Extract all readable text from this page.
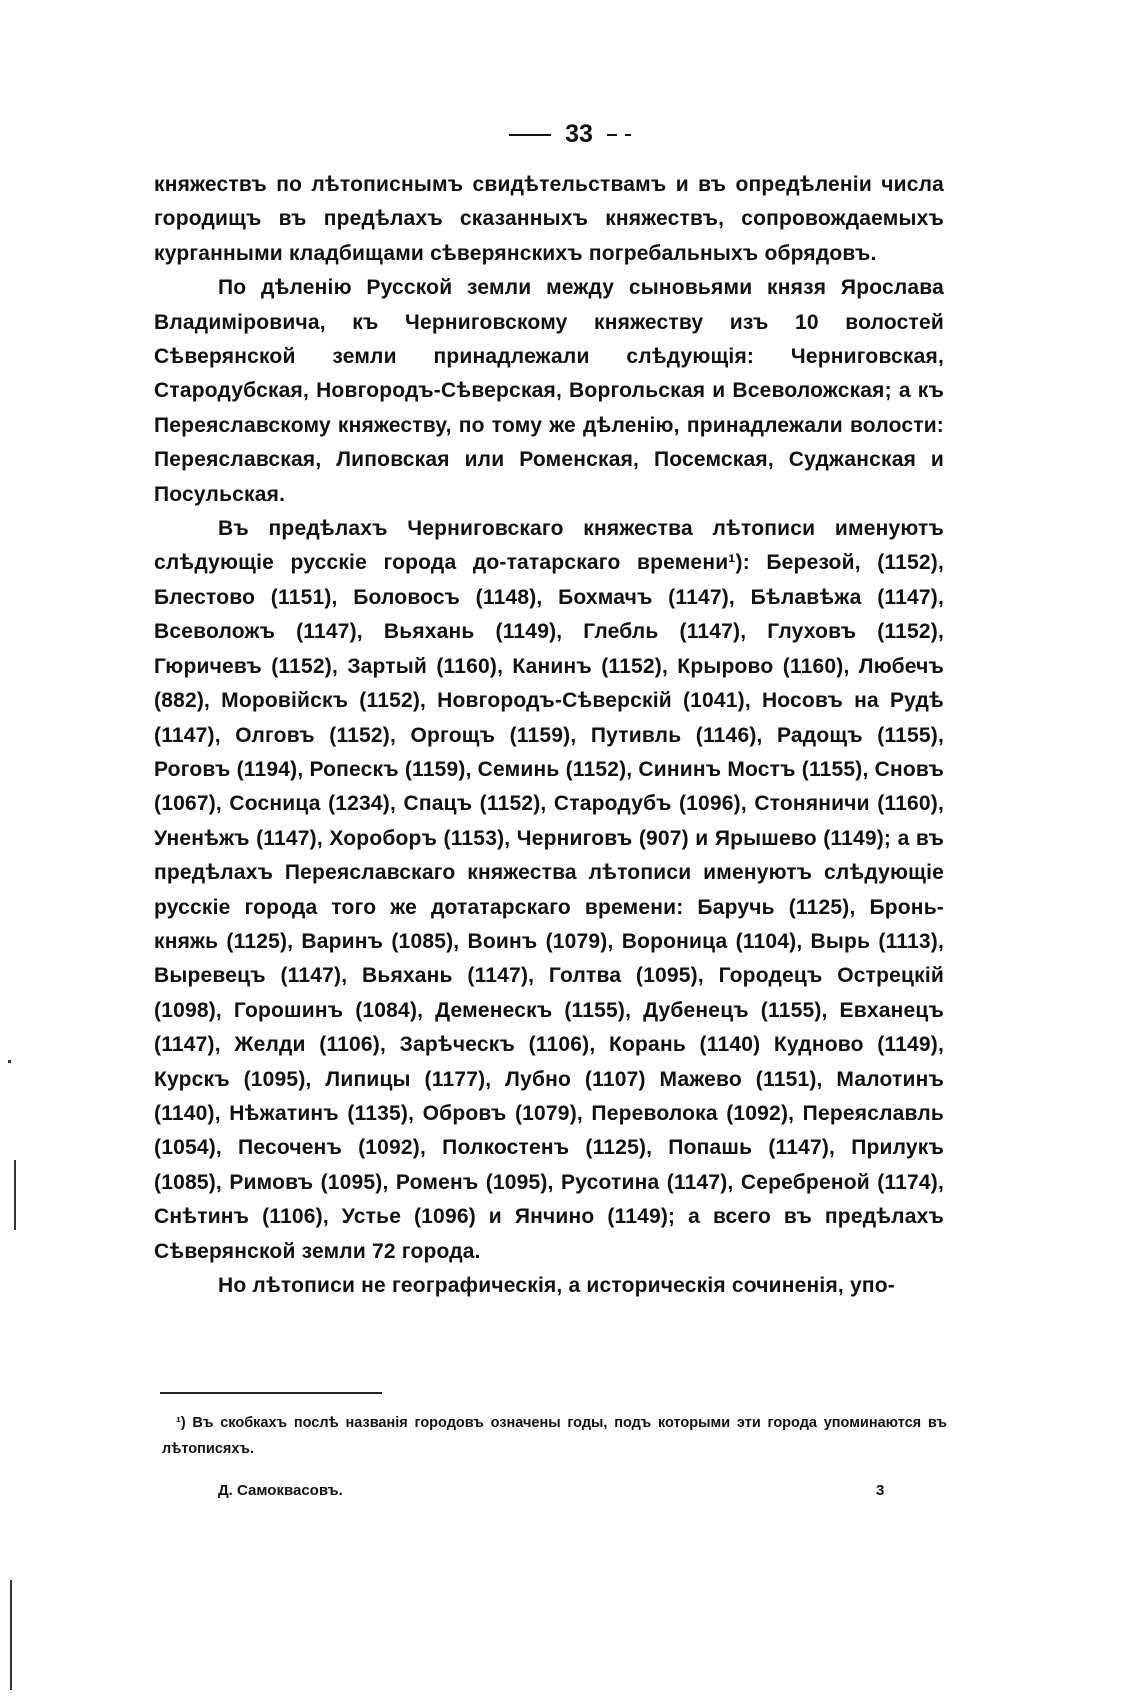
33

княжествъ по лѣтописнымъ свидѣтельствамъ и въ опредѣленіи числа городищъ въ предѣлахъ сказанныхъ княжествъ, сопровождаемыхъ курганными кладбищами сѣверянскихъ погребальныхъ обрядовъ.

По дѣленію Русской земли между сыновьями князя Ярослава Владиміровича, къ Черниговскому княжеству изъ 10 волостей Сѣверянской земли принадлежали слѣдующія: Черниговская, Стародубская, Новгородъ-Сѣверская, Воргольская и Всеволожская; а къ Переяславскому княжеству, по тому же дѣленію, принадлежали волости: Переяславская, Липовская или Роменская, Посемская, Суджанская и Посульская.

Въ предѣлахъ Черниговскаго княжества лѣтописи именуютъ слѣдующіе русскіе города до-татарскаго времени¹): Березой, (1152), Блестово (1151), Боловосъ (1148), Бохмачъ (1147), Бѣлавѣжа (1147), Всеволожъ (1147), Вьяхань (1149), Глебль (1147), Глуховъ (1152), Гюричевъ (1152), Зартый (1160), Канинъ (1152), Крырово (1160), Любечъ (882), Моровійскъ (1152), Новгородъ-Сѣверскій (1041), Носовъ на Рудѣ (1147), Олговъ (1152), Оргощъ (1159), Путивль (1146), Радощъ (1155), Роговъ (1194), Ропескъ (1159), Семинь (1152), Сининъ Мостъ (1155), Сновъ (1067), Сосница (1234), Спацъ (1152), Стародубъ (1096), Стоняничи (1160), Уненѣжъ (1147), Хороборъ (1153), Черниговъ (907) и Ярышево (1149); а въ предѣлахъ Переяславскаго княжества лѣтописи именуютъ слѣдующіе русскіе города того же дотатарскаго времени: Баручь (1125), Бронь-княжь (1125), Варинъ (1085), Воинъ (1079), Вороница (1104), Вырь (1113), Выревецъ (1147), Вьяхань (1147), Голтва (1095), Городецъ Острецкій (1098), Горошинъ (1084), Деменескъ (1155), Дубенецъ (1155), Евханецъ (1147), Желди (1106), Зарѣческъ (1106), Корань (1140) Кудново (1149), Курскъ (1095), Липицы (1177), Лубно (1107) Мажево (1151), Малотинъ (1140), Нѣжатинъ (1135), Обровъ (1079), Переволока (1092), Переяславль (1054), Песоченъ (1092), Полкостенъ (1125), Попашь (1147), Прилукъ (1085), Римовъ (1095), Роменъ (1095), Русотина (1147), Серебреной (1174), Снѣтинъ (1106), Устье (1096) и Янчино (1149); а всего въ предѣлахъ Сѣверянской земли 72 города.

Но лѣтописи не географическія, а историческія сочиненія, упо-

¹) Въ скобкахъ послѣ названія городовъ означены годы, подъ которыми эти города упоминаются въ лѣтописяхъ.
Д. Самоквасовъ.	3
